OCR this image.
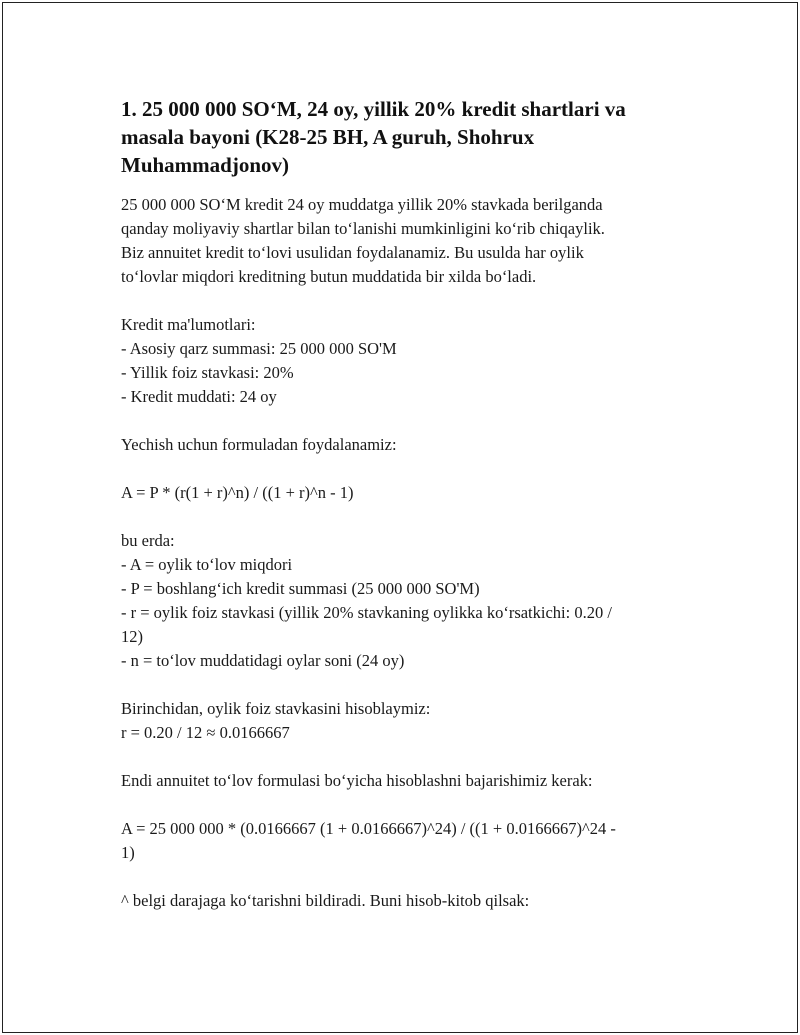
1. 25 000 000 SO‘M, 24 oy, yillik 20% kredit shartlari va
masala bayoni (K28-25 BH, A guruh, Shohrux
Muhammadjonov)
25 000 000 SO‘M kredit 24 oy muddatga yillik 20% stavkada berilganda
qanday moliyaviy shartlar bilan to‘lanishi mumkinligini ko‘rib chiqaylik.
Biz annuitet kredit to‘lovi usulidan foydalanamiz. Bu usulda har oylik
to‘lovlar miqdori kreditning butun muddatida bir xilda bo‘ladi.
Kredit ma'lumotlari:
- Asosiy qarz summasi: 25 000 000 SO'M
- Yillik foiz stavkasi: 20%
- Kredit muddati: 24 oy
Yechish uchun formuladan foydalanamiz:
A = P * (r(1 + r)^n) / ((1 + r)^n - 1)
bu erda:
- A = oylik to‘lov miqdori
- P = boshlang‘ich kredit summasi (25 000 000 SO'M)
- r = oylik foiz stavkasi (yillik 20% stavkaning oylikka ko‘rsatkichi: 0.20 /
12)
- n = to‘lov muddatidagi oylar soni (24 oy)
Birinchidan, oylik foiz stavkasini hisoblaymiz:
r = 0.20 / 12 ≈ 0.0166667
Endi annuitet to‘lov formulasi bo‘yicha hisoblashni bajarishimiz kerak:
A = 25 000 000 * (0.0166667 (1 + 0.0166667)^24) / ((1 + 0.0166667)^24 -
1)
^ belgi darajaga ko‘tarishni bildiradi. Buni hisob-kitob qilsak:
